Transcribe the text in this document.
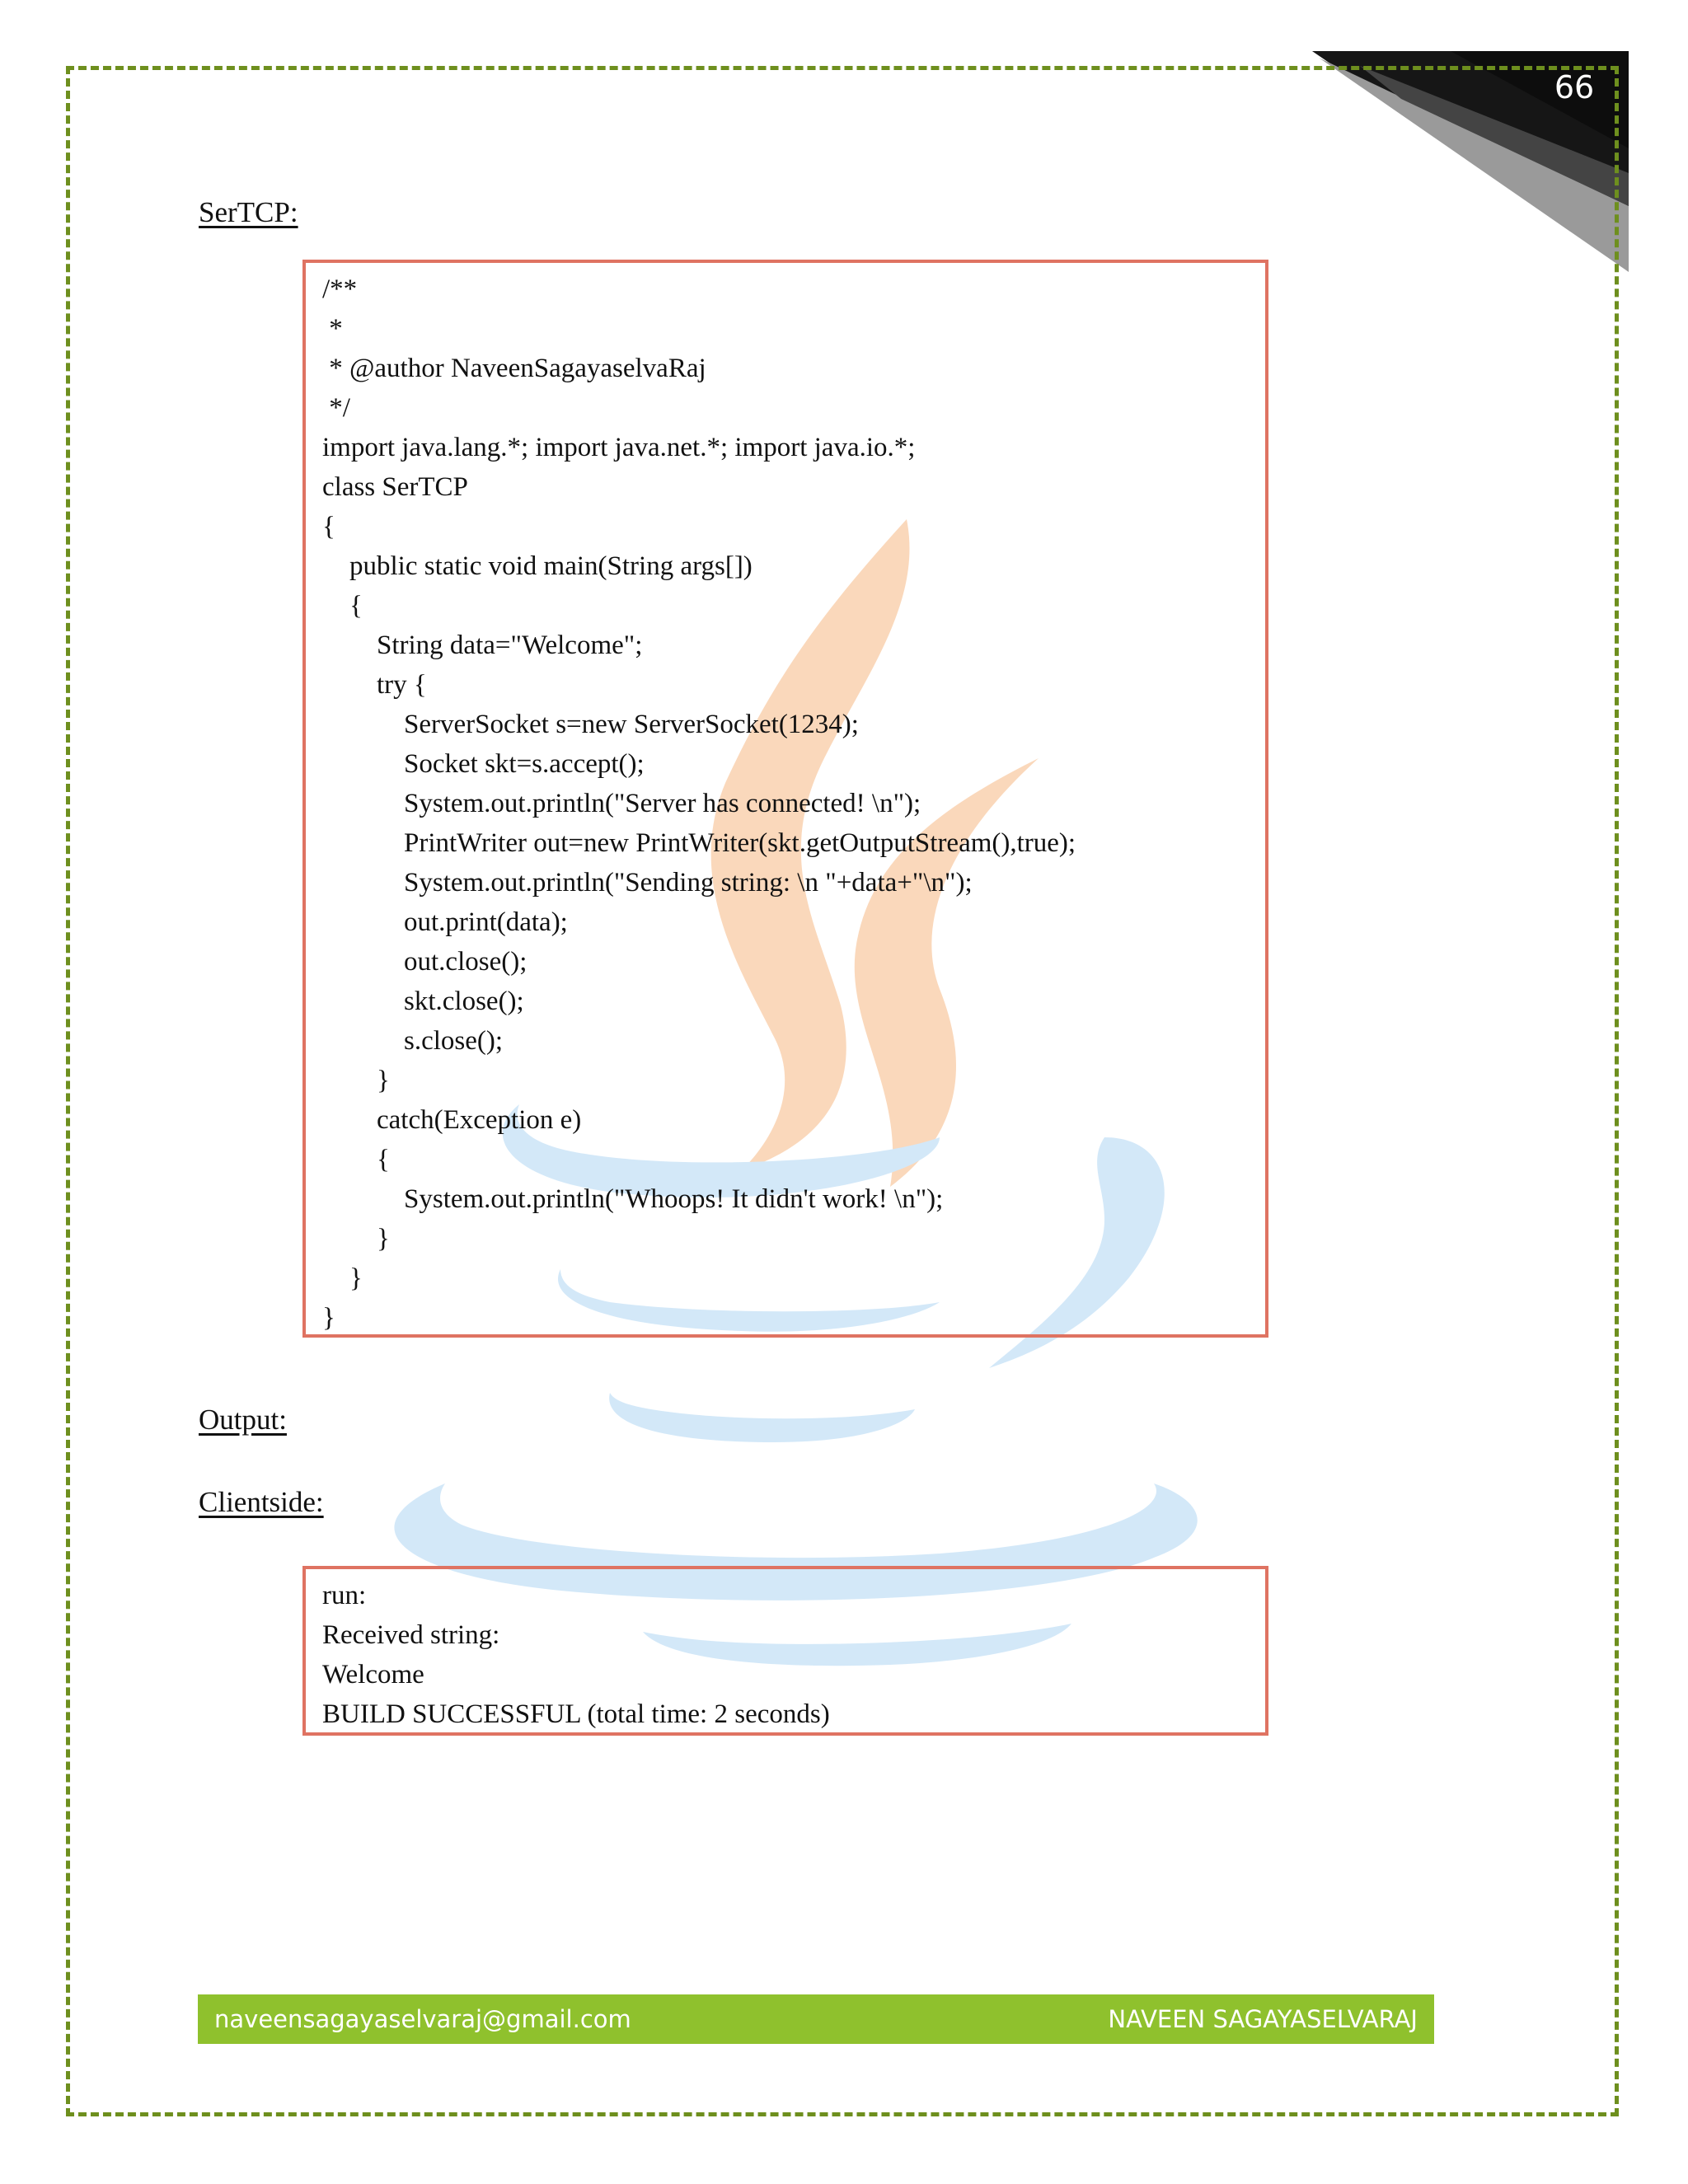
66
SerTCP:
/**
*
* @author NaveenSagayaselvaRaj
*/
import java.lang.*; import java.net.*; import java.io.*;
class SerTCP
{
public static void main(String args[])
{
String data="Welcome";
try {
ServerSocket s=new ServerSocket(1234);
Socket skt=s.accept();
System.out.println("Server has connected! \n");
PrintWriter out=new PrintWriter(skt.getOutputStream(),true);
System.out.println("Sending string: \n "+data+"\n");
out.print(data);
out.close();
skt.close();
s.close();
}
catch(Exception e)
{
System.out.println("Whoops! It didn't work! \n");
}
}
}
Output:
Clientside:
run:
Received string:
Welcome
BUILD SUCCESSFUL (total time: 2 seconds)
naveensagayaselvaraj@gmail.com	NAVEEN SAGAYASELVARAJ
